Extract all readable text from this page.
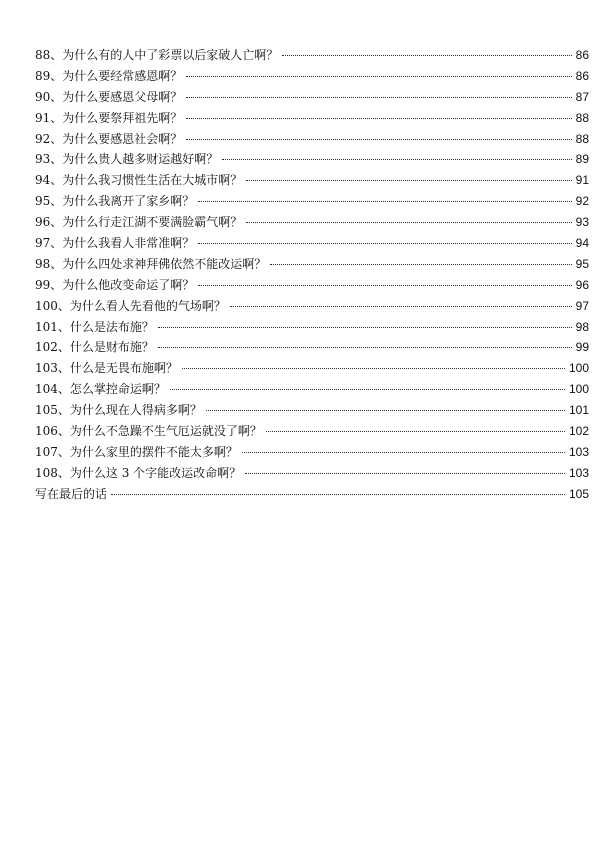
88、为什么有的人中了彩票以后家破人亡啊？	86
89、为什么要经常感恩啊？	86
90、为什么要感恩父母啊？	87
91、为什么要祭拜祖先啊？	88
92、为什么要感恩社会啊？	88
93、为什么贵人越多财运越好啊？	89
94、为什么我习惯性生活在大城市啊？	91
95、为什么我离开了家乡啊？	92
96、为什么行走江湖不要满脸霸气啊？	93
97、为什么我看人非常准啊？	94
98、为什么四处求神拜佛依然不能改运啊？	95
99、为什么他改变命运了啊？	96
100、为什么看人先看他的气场啊？	97
101、什么是法布施？	98
102、什么是财布施？	99
103、什么是无畏布施啊？	100
104、怎么掌控命运啊？	100
105、为什么现在人得病多啊？	101
106、为什么不急躁不生气厄运就没了啊？	102
107、为什么家里的摆件不能太多啊？	103
108、为什么这 3 个字能改运改命啊？	103
写在最后的话	105
